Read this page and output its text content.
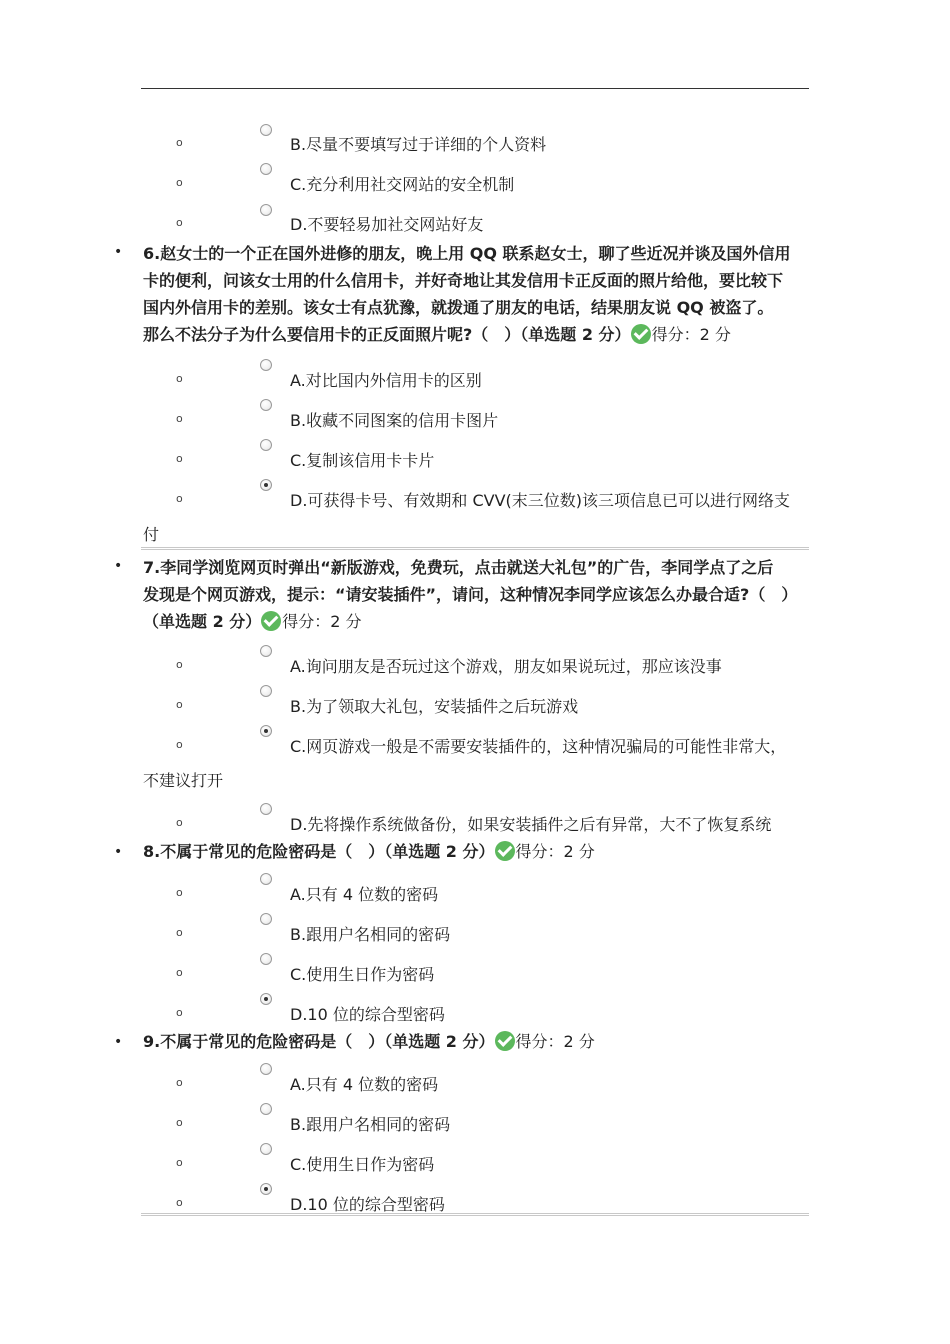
o	B.尽量不要填写过于详细的个人资料
o	C.充分利用社交网站的安全机制
o	D.不要轻易加社交网站好友
• 6.赵女士的一个正在国外进修的朋友，晚上用 QQ 联系赵女士，聊了些近况并谈及国外信用
卡的便利，问该女士用的什么信用卡，并好奇地让其发信用卡正反面的照片给他，要比较下
国内外信用卡的差别。该女士有点犹豫，就拨通了朋友的电话，结果朋友说 QQ 被盗了。
那么不法分子为什么要信用卡的正反面照片呢?（　）（单选题 2 分） 得分：2 分
o	A.对比国内外信用卡的区别
o	B.收藏不同图案的信用卡图片
o	C.复制该信用卡卡片
o	D.可获得卡号、有效期和 CVV(末三位数)该三项信息已可以进行网络支
付
• 7.李同学浏览网页时弹出“新版游戏，免费玩，点击就送大礼包”的广告，李同学点了之后
发现是个网页游戏，提示：“请安装插件”，请问，这种情况李同学应该怎么办最合适?（　）
（单选题 2 分） 得分：2 分
o	A.询问朋友是否玩过这个游戏，朋友如果说玩过，那应该没事
o	B.为了领取大礼包，安装插件之后玩游戏
o	C.网页游戏一般是不需要安装插件的，这种情况骗局的可能性非常大，
不建议打开
o	D.先将操作系统做备份，如果安装插件之后有异常，大不了恢复系统
• 8.不属于常见的危险密码是（　）（单选题 2 分） 得分：2 分
o	A.只有 4 位数的密码
o	B.跟用户名相同的密码
o	C.使用生日作为密码
o	D.10 位的综合型密码
• 9.不属于常见的危险密码是（　）（单选题 2 分） 得分：2 分
o	A.只有 4 位数的密码
o	B.跟用户名相同的密码
o	C.使用生日作为密码
o	D.10 位的综合型密码
